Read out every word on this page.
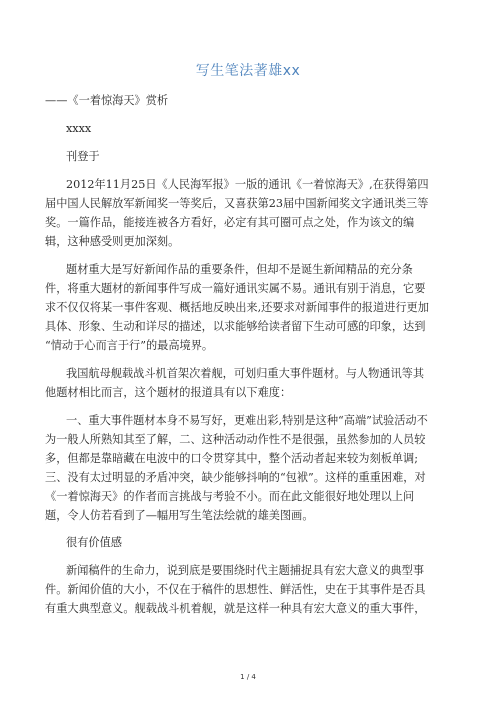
写生笔法著雄xx
——《一着惊海天》赏析
xxxx
刊登于
2012年11月25日《人民海军报》一版的通讯《一着惊海天》,在获得第四
届中国人民解放军新闻奖一等奖后，又喜获第23届中国新闻奖文字通讯类三等
奖。一篇作品，能接连被各方看好，必定有其可圈可点之处，作为该文的编
辑，这种感受则更加深刻。
题材重大是写好新闻作品的重要条件，但却不是诞生新闻精品的充分条
件，将重大题材的新闻事件写成一篇好通讯实属不易。通讯有别于消息，它要
求不仅仅将某一事件客观、概括地反映出来,还要求对新闻事件的报道进行更加
具体、形象、生动和详尽的描述，以求能够给读者留下生动可感的印象，达到
“情动于心而言于行”的最高境界。
我国航母舰载战斗机首架次着舰，可划归重大事件题材。与人物通讯等其
他题材相比而言，这个题材的报道具有以下难度：
一、重大事件题材本身不易写好，更难出彩,特别是这种“高端”试验活动不
为一般人所熟知其至了解，二、这种活动动作性不是很强，虽然参加的人员较
多，但都是靠暗藏在电波中的口令贯穿其中，整个活动者起来较为刻板单调;
三、没有太过明显的矛盾冲突，缺少能够抖响的“包袱”。这样的重重困难，对
《一着惊海天》的作者而言挑战与考验不小。而在此文能很好地处理以上问
题，令人仿若看到了—幅用写生笔法绘就的雄美图画。
很有价值感
新闻稿件的生命力，说到底是要围绕时代主题捕捉具有宏大意义的典型事
件。新闻价值的大小，不仅在于稿件的思想性、鲜活性，史在于其事件是否具
有重大典型意义。舰载战斗机着舰，就是这样一种具有宏大意义的重大事件，
1 / 4
